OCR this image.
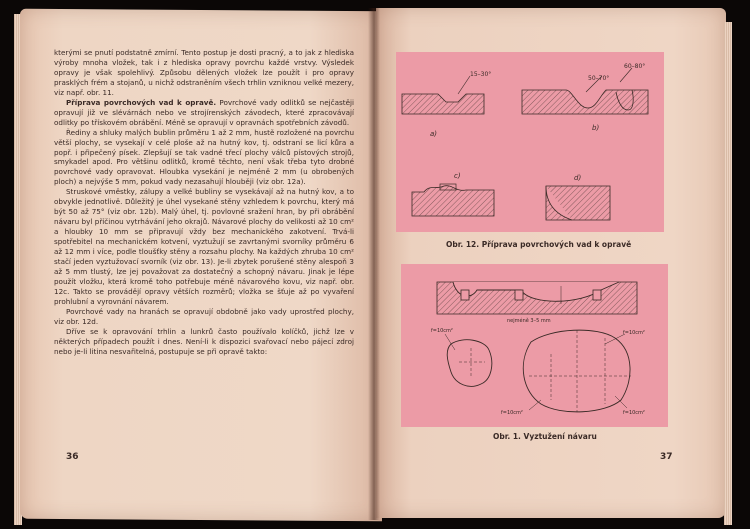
kterými se pnutí podstatně zmírní. Tento postup je dosti pracný, a to jak z hlediska výroby mnoha vložek, tak i z hlediska opravy povrchu každé vrstvy. Výsledek opravy je však spolehlivý. Způsobu dělených vložek lze použít i pro opravy prasklých frém a stojanů, u nichž odstraněním všech trhlin vzniknou velké mezery, viz např. obr. 11.

Příprava povrchových vad k opravě. Povrchové vady odlitků se nejčastěji opravují již ve slévárnách nebo ve strojírenských závodech, které zpracovávají odlitky po třískovém obrábění. Méně se opravují v opravnách spotřebních závodů.

Řediny a shluky malých bublin průměru 1 až 2 mm, hustě rozložené na povrchu větší plochy, se vysekají v celé ploše až na hutný kov, tj. odstraní se licí kůra a popř. i připečený písek. Zlepšují se tak vadné třecí plochy válců pístových strojů, smykadel apod. Pro většinu odlitků, kromě těchto, není však třeba tyto drobné povrchové vady opravovat. Hloubka vysekání je nejméně 2 mm (u obrobených ploch) a nejvýše 5 mm, pokud vady nezasahují hlouběji (viz obr. 12a).

Struskové vměstky, zálupy a velké bubliny se vysekávají až na hutný kov, a to obvykle jednotlivě. Důležitý je úhel vysekané stěny vzhledem k povrchu, který má být 50 až 75° (viz obr. 12b). Malý úhel, tj. povlovné sražení hran, by při obrábění návaru byl příčinou vytrhávání jeho okrajů. Návarové plochy do velikosti až 10 cm² a hloubky 10 mm se připravují vždy bez mechanického zakotvení. Trvá-li spotřebitel na mechanickém kotvení, vyztužují se zavrtanými svorníky průměru 6 až 12 mm i více, podle tloušťky stěny a rozsahu plochy. Na každých zhruba 10 cm² stačí jeden vyztužovací svorník (viz obr. 13). Je-li zbytek porušené stěny alespoň 3 až 5 mm tlustý, lze jej považovat za dostatečný a schopný návaru. Jinak je lépe použít vložku, která kromě toho potřebuje méně návarového kovu, viz např. obr. 12c. Takto se provádějí opravy větších rozměrů; vložka se šťuje až po vyvaření prohlubní a vyrovnání návarem.

Povrchové vady na hranách se opravují obdobně jako vady uprostřed plochy, viz obr. 12d.

Dříve se k opravování trhlin a lunkrů často používalo kolíčků, jichž lze v některých případech použít i dnes. Není-li k dispozici svařovací nebo pájecí zdroj nebo je-li litina nesvařitelná, postupuje se při opravě takto:

36
15–30°
a)
60–80°
50–70°
b)
c)	d)
Obr. 12. Příprava povrchových vad k opravě
nejméně 3–5 mm
f=10cm²	f=10cm²
f=10cm²	f=10cm²
Obr. 1. Vyztužení návaru
37
